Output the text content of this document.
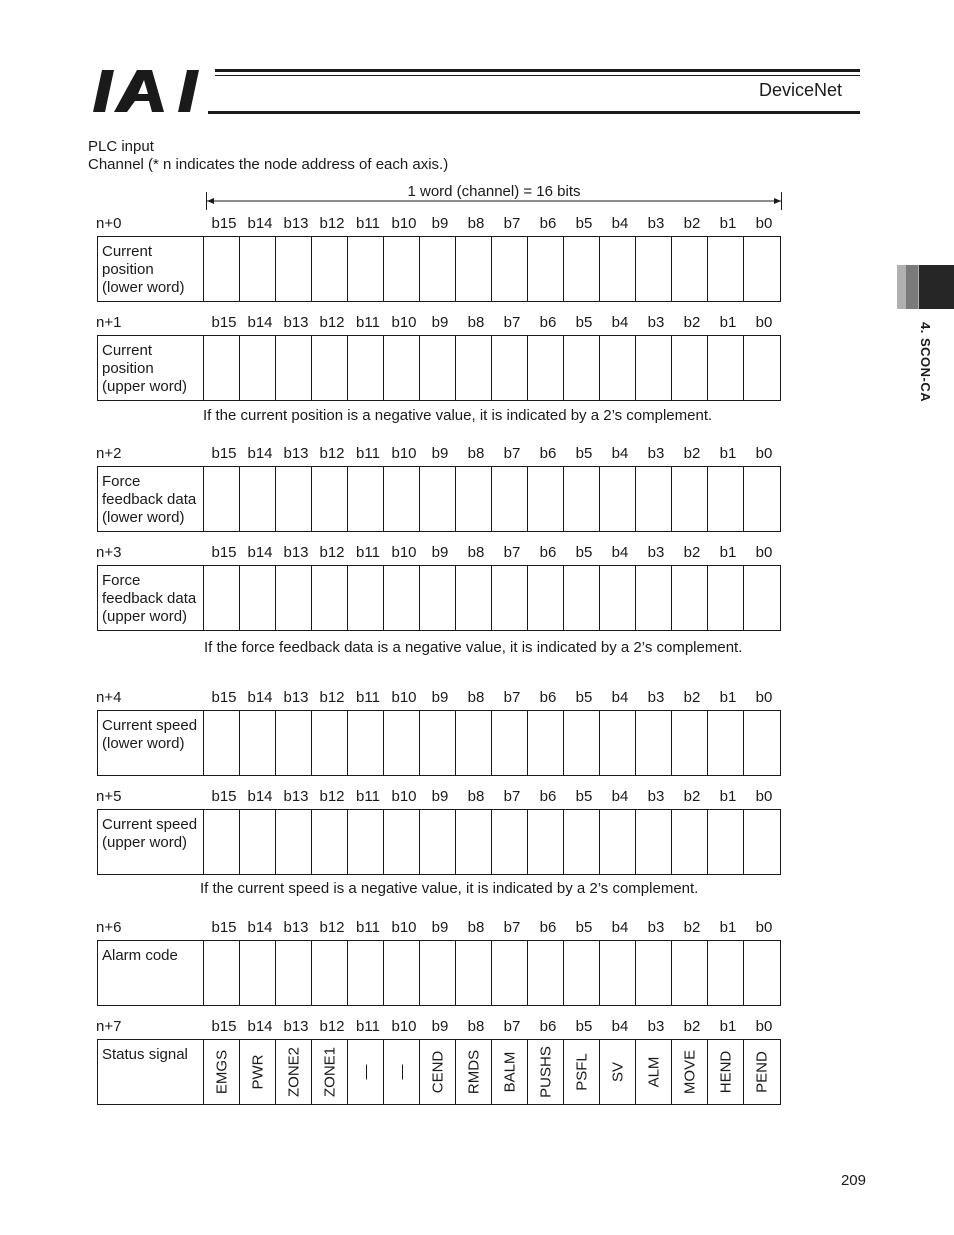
DeviceNet
PLC input
Channel (* n indicates the node address of each axis.)
1 word (channel) = 16 bits
n+0	b15 b14 b13 b12 b11 b10	b9	b8	b7	b6	b5	b4	b3	b2	b1	b0
Current
position
(lower word)
n+1	b15 b14 b13 b12 b11 b10	b9	b8	b7	b6	b5	b4	b3	b2	b1	b0
Current
position
(upper word)
n+2	b15 b14 b13 b12 b11 b10	b9	b8	b7	b6	b5	b4	b3	b2	b1	b0
Force
feedback data
(lower word)
n+3	b15 b14 b13 b12 b11 b10	b9	b8	b7	b6	b5	b4	b3	b2	b1	b0
Force
feedback data
(upper word)
n+4	b15 b14 b13 b12 b11 b10	b9	b8	b7	b6	b5	b4	b3	b2	b1	b0
Current speed
(lower word)
n+5	b15 b14 b13 b12 b11 b10	b9	b8	b7	b6	b5	b4	b3	b2	b1	b0
Current speed
(upper word)
n+6	b15 b14 b13 b12 b11 b10	b9	b8	b7	b6	b5	b4	b3	b2	b1	b0
Alarm code
n+7	b15 b14 b13 b12 b11 b10	b9	b8	b7	b6	b5	b4	b3	b2	b1	b0
Status signal	EMGS PWR ZONE2 ZONE1 — — CEND RMDS BALM PUSHS PSFL SV ALM MOVE HEND PEND
If the current position is a negative value, it is indicated by a 2’s complement.
If the force feedback data is a negative value, it is indicated by a 2’s complement.
If the current speed is a negative value, it is indicated by a 2’s complement.
4. SCON-CA
209
